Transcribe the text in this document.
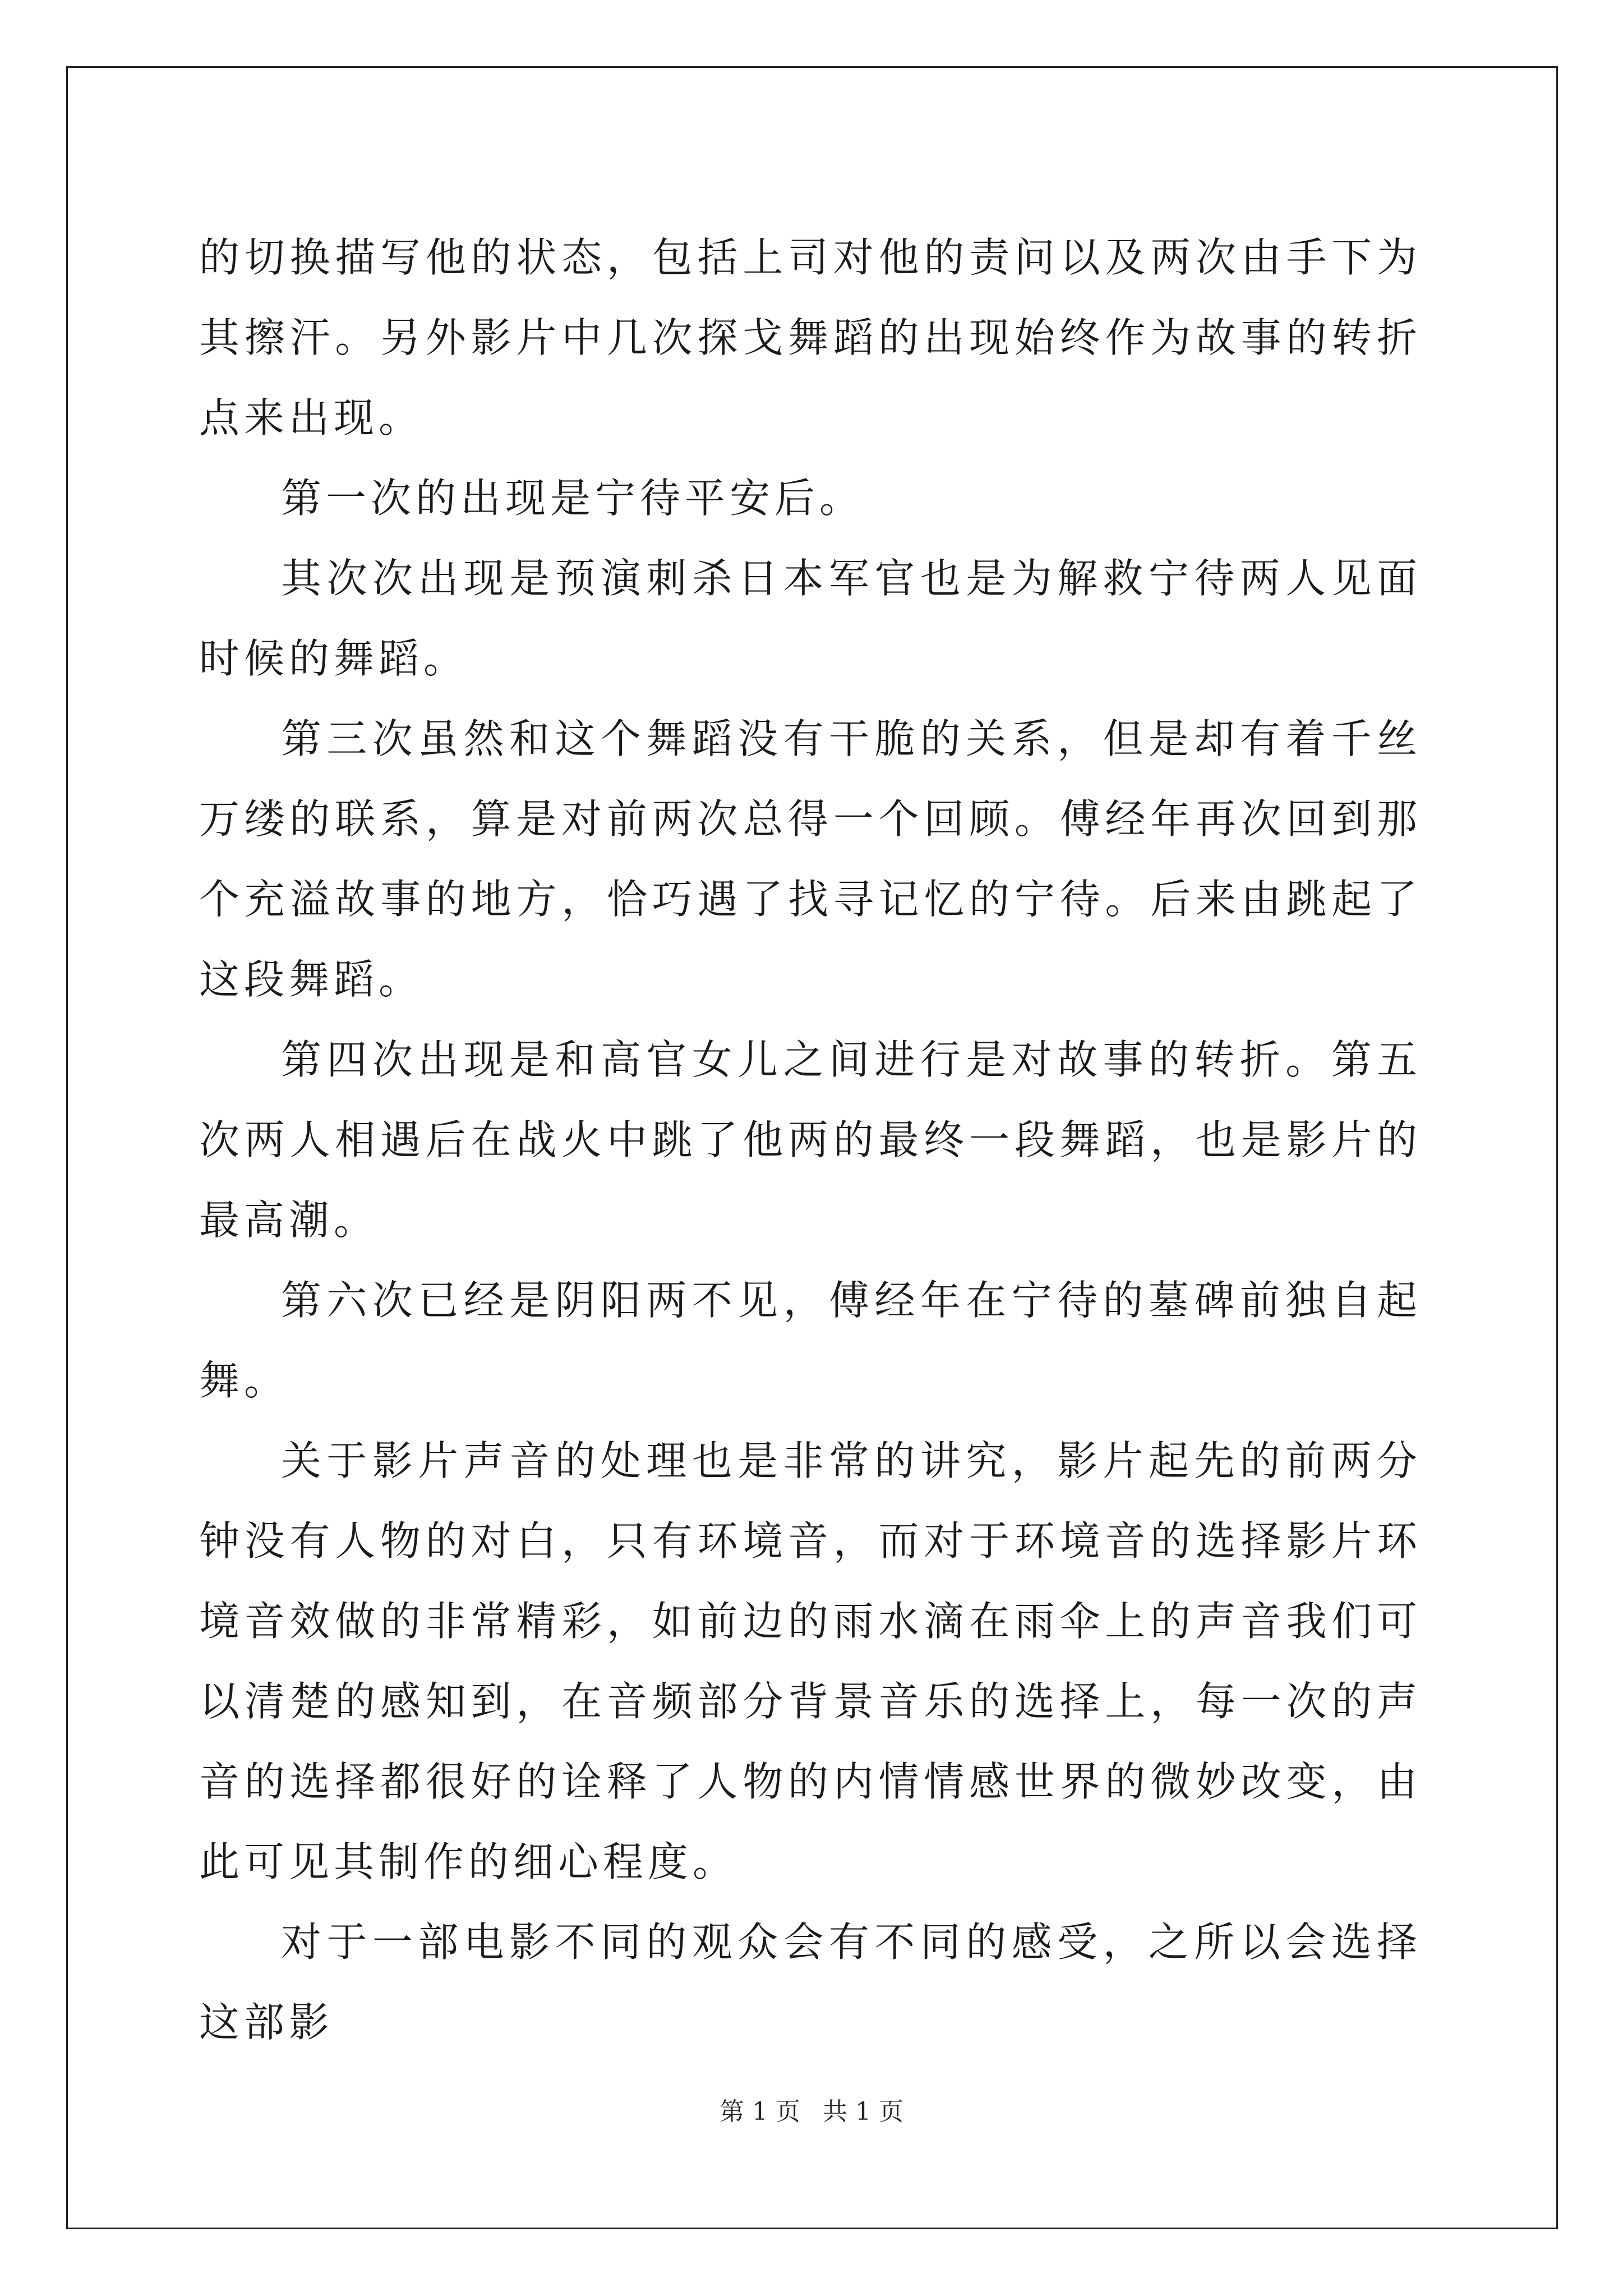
的切换描写他的状态，包括上司对他的责问以及两次由手下为其擦汗。另外影片中几次探戈舞蹈的出现始终作为故事的转折点来出现。

第一次的出现是宁待平安后。

其次次出现是预演刺杀日本军官也是为解救宁待两人见面时候的舞蹈。

第三次虽然和这个舞蹈没有干脆的关系，但是却有着千丝万缕的联系，算是对前两次总得一个回顾。傅经年再次回到那个充溢故事的地方，恰巧遇了找寻记忆的宁待。后来由跳起了这段舞蹈。

第四次出现是和高官女儿之间进行是对故事的转折。第五次两人相遇后在战火中跳了他两的最终一段舞蹈，也是影片的最高潮。

第六次已经是阴阳两不见，傅经年在宁待的墓碑前独自起舞。

关于影片声音的处理也是非常的讲究，影片起先的前两分钟没有人物的对白，只有环境音，而对于环境音的选择影片环境音效做的非常精彩，如前边的雨水滴在雨伞上的声音我们可以清楚的感知到，在音频部分背景音乐的选择上，每一次的声音的选择都很好的诠释了人物的内情情感世界的微妙改变，由此可见其制作的细心程度。

对于一部电影不同的观众会有不同的感受，之所以会选择这部影

第 1 页 共 1 页
